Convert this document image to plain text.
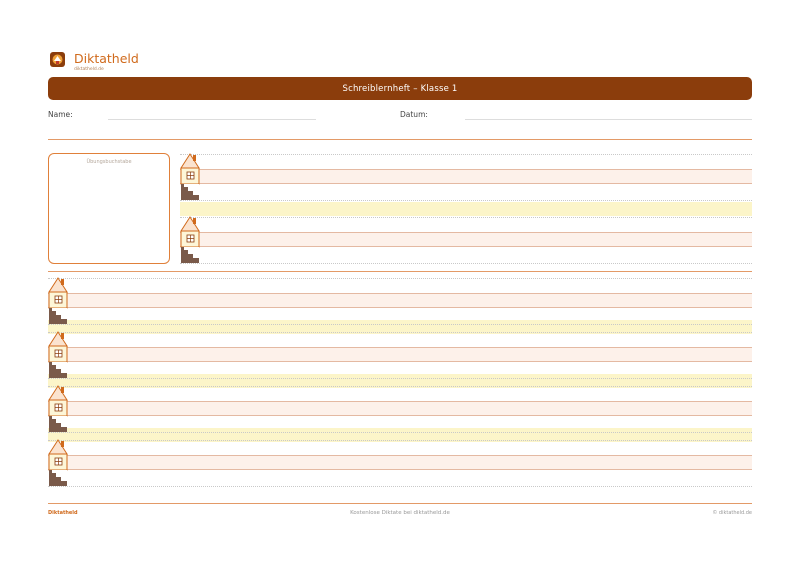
Diktatheld
diktatheld.de
Schreiblernheft – Klasse 1
Name:	Datum:
Übungsbuchstabe
Diktatheld	Kostenlose Diktate bei diktatheld.de	© diktatheld.de
